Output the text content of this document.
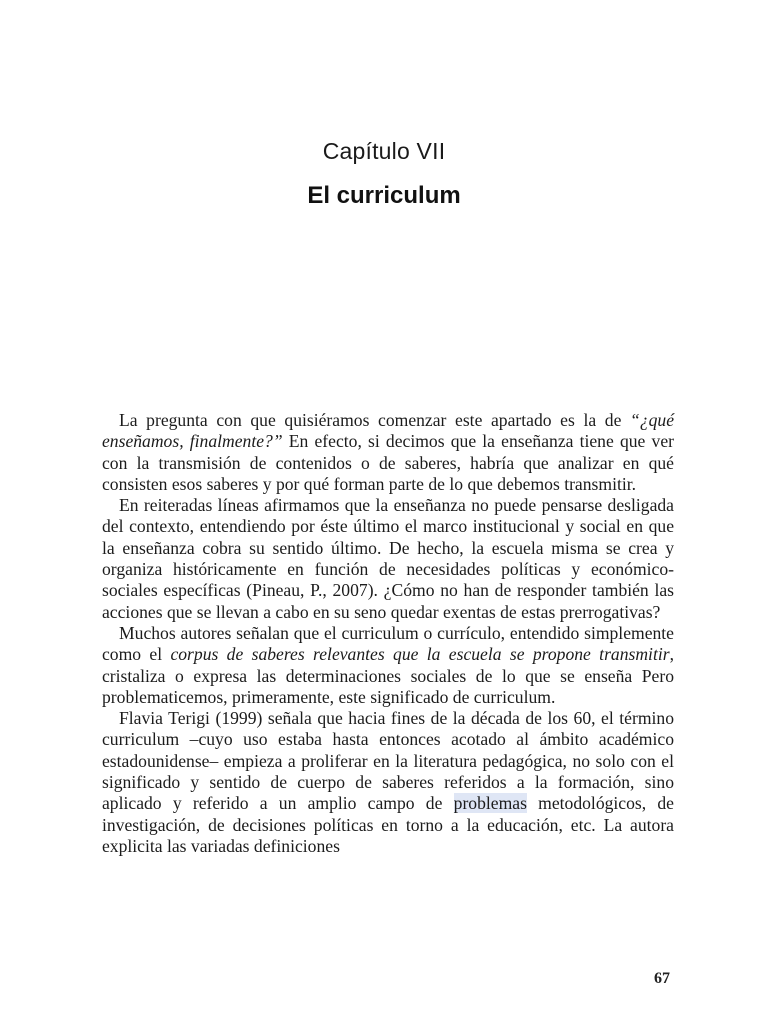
Capítulo VII
El curriculum

La pregunta con que quisiéramos comenzar este apartado es la de “¿qué enseñamos, finalmente?” En efecto, si decimos que la enseñanza tiene que ver con la transmisión de contenidos o de saberes, habría que analizar en qué consisten esos saberes y por qué forman parte de lo que debemos transmitir.

En reiteradas líneas afirmamos que la enseñanza no puede pensarse desligada del contexto, entendiendo por éste último el marco institucional y social en que la enseñanza cobra su sentido último. De hecho, la escuela misma se crea y organiza históricamente en función de necesidades políticas y económico-sociales específicas (Pineau, P., 2007). ¿Cómo no han de responder también las acciones que se llevan a cabo en su seno quedar exentas de estas prerrogativas?

Muchos autores señalan que el curriculum o currículo, entendido simplemente como el corpus de saberes relevantes que la escuela se propone transmitir, cristaliza o expresa las determinaciones sociales de lo que se enseña Pero problematicemos, primeramente, este significado de curriculum.

Flavia Terigi (1999) señala que hacia fines de la década de los 60, el término curriculum –cuyo uso estaba hasta entonces acotado al ámbito académico estadounidense– empieza a proliferar en la literatura pedagógica, no solo con el significado y sentido de cuerpo de saberes referidos a la formación, sino aplicado y referido a un amplio campo de problemas metodológicos, de investigación, de decisiones políticas en torno a la educación, etc. La autora explicita las variadas definiciones

67
